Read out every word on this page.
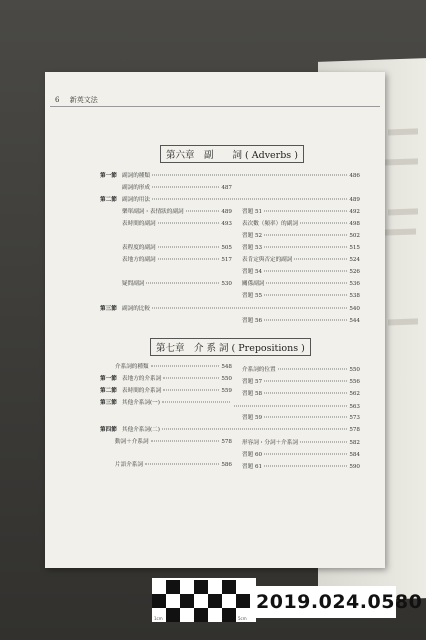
6 新英文法
第六章　副　　詞 ( Adverbs )
第一節 副詞的種類	486
副詞的形成	487
第二節 副詞的用法	489
樂單副詞・表情狀的副詞	489
表時間的副詞	493
表程度的副詞	505
表地方的副詞	517
疑問副詞	530
第三節 副詞的比較	540
習題 51	492
表次數（頻率）的副詞	498
習題 52	502
習題 53	515
表肯定與否定的副詞	524
習題 54	526
關係副詞	536
習題 55	538
習題 56	544
第七章　介 系 詞 ( Prepositions )
介系詞的種類	548
第一節 表地方的介系詞	550
第二節 表時間的介系詞	559
第三節 其他介系詞(一)
第四節 其他介系詞(二)	578
動詞＋介系詞	578
片語介系詞	586
介系詞的位置	550
習題 57	556
習題 58	562
563
習題 59	573
形容詞・分詞＋介系詞	582
習題 60	584
習題 61	590
1cm	5cm
2019.024.0580
